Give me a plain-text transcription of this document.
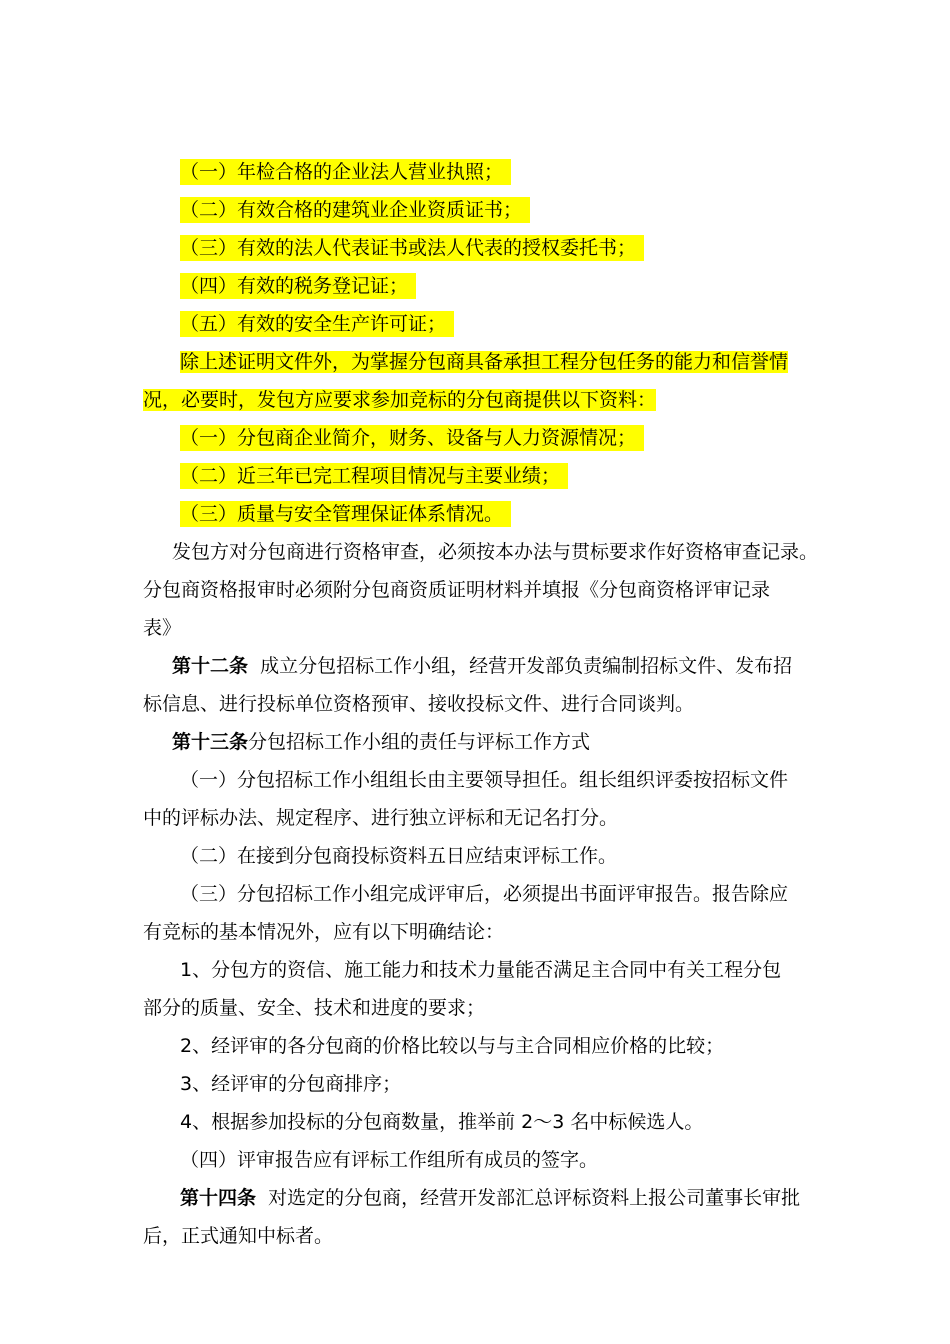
（一）年检合格的企业法人营业执照；
（二）有效合格的建筑业企业资质证书；
（三）有效的法人代表证书或法人代表的授权委托书；
（四）有效的税务登记证；
（五）有效的安全生产许可证；
除上述证明文件外，为掌握分包商具备承担工程分包任务的能力和信誉情
况，必要时，发包方应要求参加竞标的分包商提供以下资料：
（一）分包商企业简介，财务、设备与人力资源情况；
（二）近三年已完工程项目情况与主要业绩；
（三）质量与安全管理保证体系情况。
发包方对分包商进行资格审查，必须按本办法与贯标要求作好资格审查记录。
分包商资格报审时必须附分包商资质证明材料并填报《分包商资格评审记录
表》
第十二条 成立分包招标工作小组，经营开发部负责编制招标文件、发布招
标信息、进行投标单位资格预审、接收投标文件、进行合同谈判。
第十三条分包招标工作小组的责任与评标工作方式
（一）分包招标工作小组组长由主要领导担任。组长组织评委按招标文件
中的评标办法、规定程序、进行独立评标和无记名打分。
（二）在接到分包商投标资料五日应结束评标工作。
（三）分包招标工作小组完成评审后，必须提出书面评审报告。报告除应
有竞标的基本情况外，应有以下明确结论：
1、分包方的资信、施工能力和技术力量能否满足主合同中有关工程分包
部分的质量、安全、技术和进度的要求；
2、经评审的各分包商的价格比较以与与主合同相应价格的比较；
3、经评审的分包商排序；
4、根据参加投标的分包商数量，推举前 2～3 名中标候选人。
（四）评审报告应有评标工作组所有成员的签字。
第十四条 对选定的分包商，经营开发部汇总评标资料上报公司董事长审批
后，正式通知中标者。
